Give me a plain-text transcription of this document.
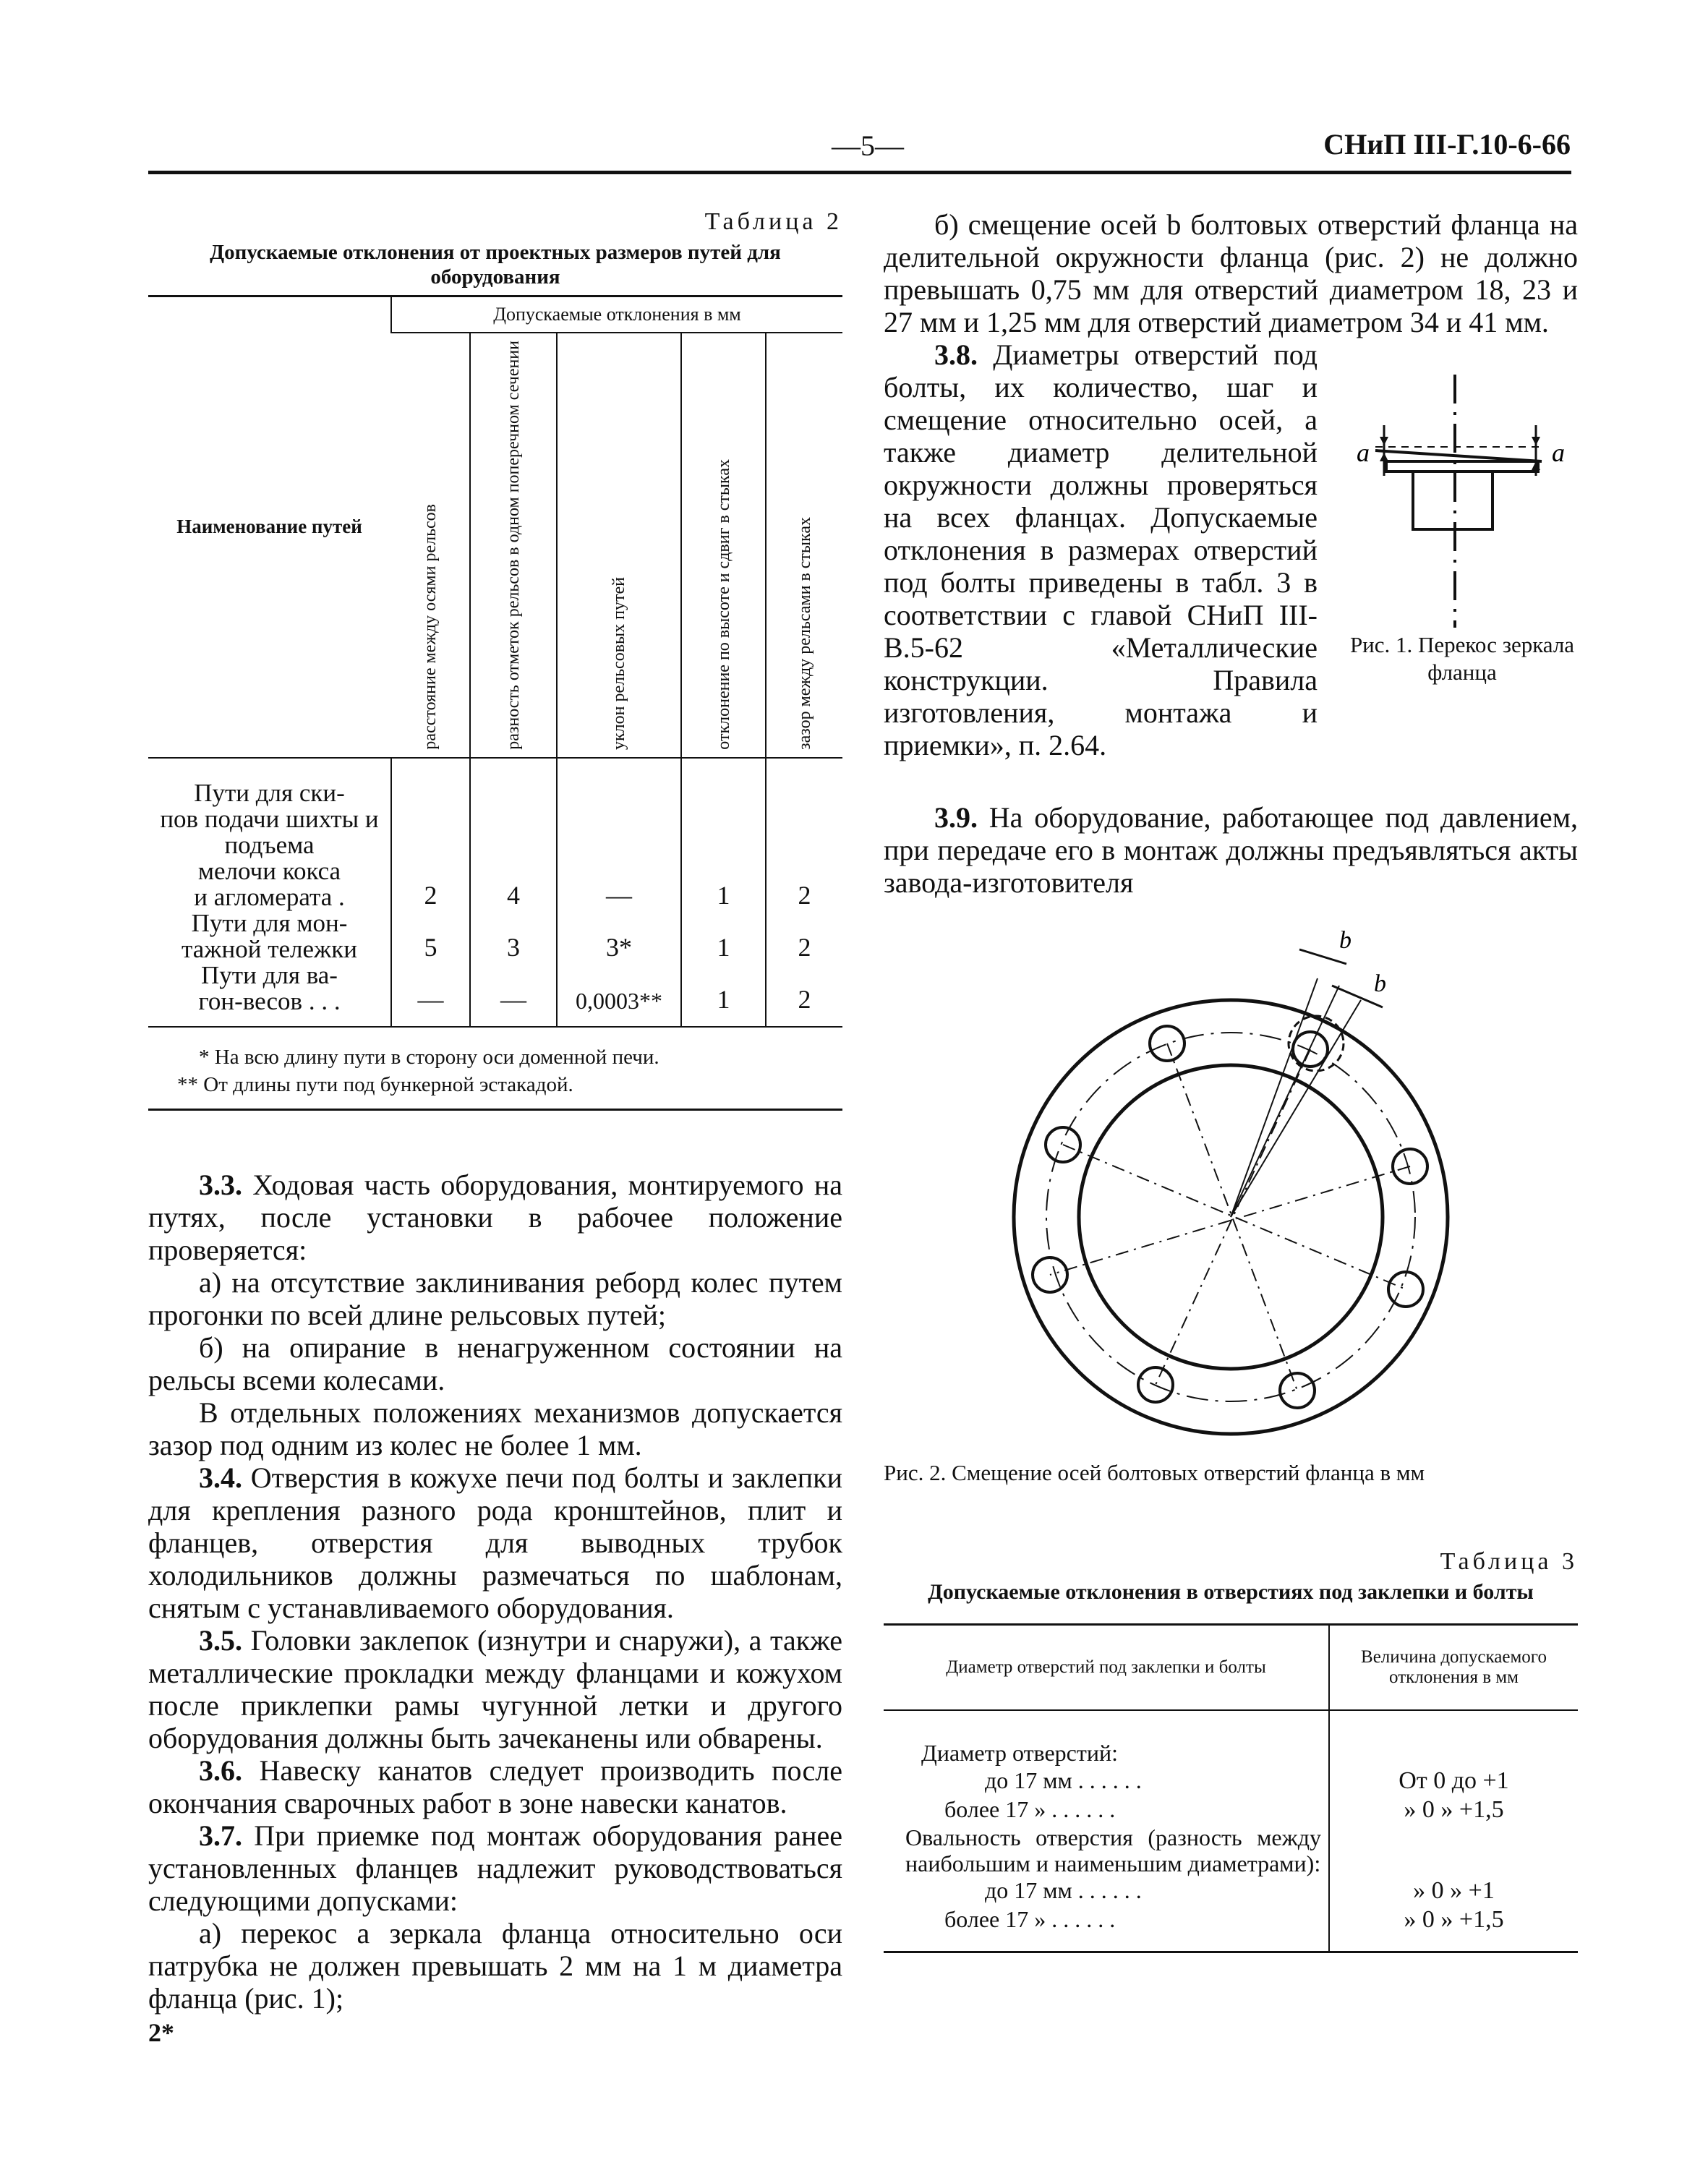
—5—	СНиП III-Г.10-6-66
Таблица 2
Допускаемые отклонения от проектных размеров путей для оборудования
Наименование путей	Допускаемые отклонения в мм				

	расстояние между осями рельсов	разность отметок рельсов в одном поперечном сечении	уклон рельсовых путей	отклонение по высоте и сдвиг в стыках	зазор между рельсами в стыках

Пути для ски-
пов подачи шихты и подъема
мелочи кокса
и агломерата .	2	4	—	1	2

Пути для мон-
тажной тележки	5	3	3*	1	2

Пути для ва-
гон-весов . . .	—	—	0,0003**	1	2

* На всю длину пути в сторону оси доменной печи.
** От длины пути под бункерной эстакадой.					

3.3. Ходовая часть оборудования, монтируемого на путях, после установки в рабочее положение проверяется:

а) на отсутствие заклинивания реборд колес путем прогонки по всей длине рельсовых путей;

б) на опирание в ненагруженном состоянии на рельсы всеми колесами.

В отдельных положениях механизмов допускается зазор под одним из колес не более 1 мм.

3.4. Отверстия в кожухе печи под болты и заклепки для крепления разного рода кронштейнов, плит и фланцев, отверстия для выводных трубок холодильников должны размечаться по шаблонам, снятым с устанавливаемого оборудования.

3.5. Головки заклепок (изнутри и снаружи), а также металлические прокладки между фланцами и кожухом после приклепки рамы чугунной летки и другого оборудования должны быть зачеканены или обварены.

3.6. Навеску канатов следует производить после окончания сварочных работ в зоне навески канатов.

3.7. При приемке под монтаж оборудования ранее установленных фланцев надлежит руководствоваться следующими допусками:

а) перекос a зеркала фланца относительно оси патрубка не должен превышать 2 мм на 1 м диаметра фланца (рис. 1);

2*

б) смещение осей b болтовых отверстий фланца на делительной окружности фланца (рис. 2) не должно превышать 0,75 мм для отверстий диаметром 18, 23 и 27 мм и 1,25 мм для отверстий диаметром 34 и 41 мм.

3.8. Диаметры отверстий под болты, их количество, шаг и смещение относительно осей, а также диаметр делительной окружности должны проверяться на всех фланцах. Допускаемые отклонения в размерах отверстий под болты приведены в табл. 3 в соответствии с главой СНиП III-В.5-62 «Металлические конструкции. Правила изготовления, монтажа и приемки», п. 2.64.

a	a
Рис. 1. Перекос зеркала фланца

3.9. На оборудование, работающее под давлением, при передаче его в монтаж должны предъявляться акты завода-изготовителя

b
b
Рис. 2. Смещение осей болтовых отверстий фланца в мм
Таблица 3
Допускаемые отклонения в отверстиях под заклепки и болты
Диаметр отверстий под заклепки и болты	Величина допускаемого отклонения в мм
Диаметр отверстий:	
до 17 мм . . . . . .	От 0 до +1
более 17 » . . . . . .	» 0 » +1,5
Овальность отверстия (разность между наибольшим и наименьшим диаметрами):	
до 17 мм . . . . . .	» 0 » +1
более 17 » . . . . . .	» 0 » +1,5
